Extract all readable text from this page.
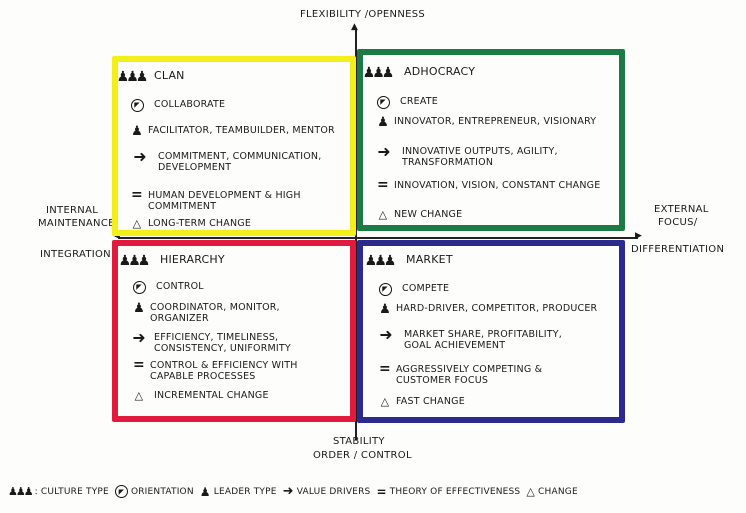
▲
▶
◀
FLEXIBILITY /OPENNESS
STABILITY
ORDER / CONTROL
INTERNAL
MAINTENANCE/
INTEGRATION
EXTERNAL
FOCUS/
DIFFERENTIATION
♟♟♟ CLAN
◤	COLLABORATE
♟ FACILITATOR, TEAMBUILDER, MENTOR
➜	COMMITMENT, COMMUNICATION, DEVELOPMENT
= HUMAN DEVELOPMENT & HIGH COMMITMENT
△ LONG-TERM CHANGE
♟♟♟ ADHOCRACY
◤	CREATE
♟ INNOVATOR, ENTREPRENEUR, VISIONARY
➜	INNOVATIVE OUTPUTS, AGILITY, TRANSFORMATION
= INNOVATION, VISION, CONSTANT CHANGE
△ NEW CHANGE
♟♟♟ HIERARCHY
◤	CONTROL
♟ COORDINATOR, MONITOR, ORGANIZER
➜ EFFICIENCY, TIMELINESS, CONSISTENCY, UNIFORMITY
= CONTROL & EFFICIENCY WITH CAPABLE PROCESSES
△	INCREMENTAL CHANGE
♟♟♟ MARKET
◤	COMPETE
♟ HARD-DRIVER, COMPETITOR, PRODUCER
➜	MARKET SHARE, PROFITABILITY, GOAL ACHIEVEMENT
= AGGRESSIVELY COMPETING & CUSTOMER FOCUS
△ FAST CHANGE
♟♟♟ : CULTURE TYPE	◤ ORIENTATION ♟ LEADER TYPE ➜ VALUE DRIVERS = THEORY OF EFFECTIVENESS △ CHANGE
